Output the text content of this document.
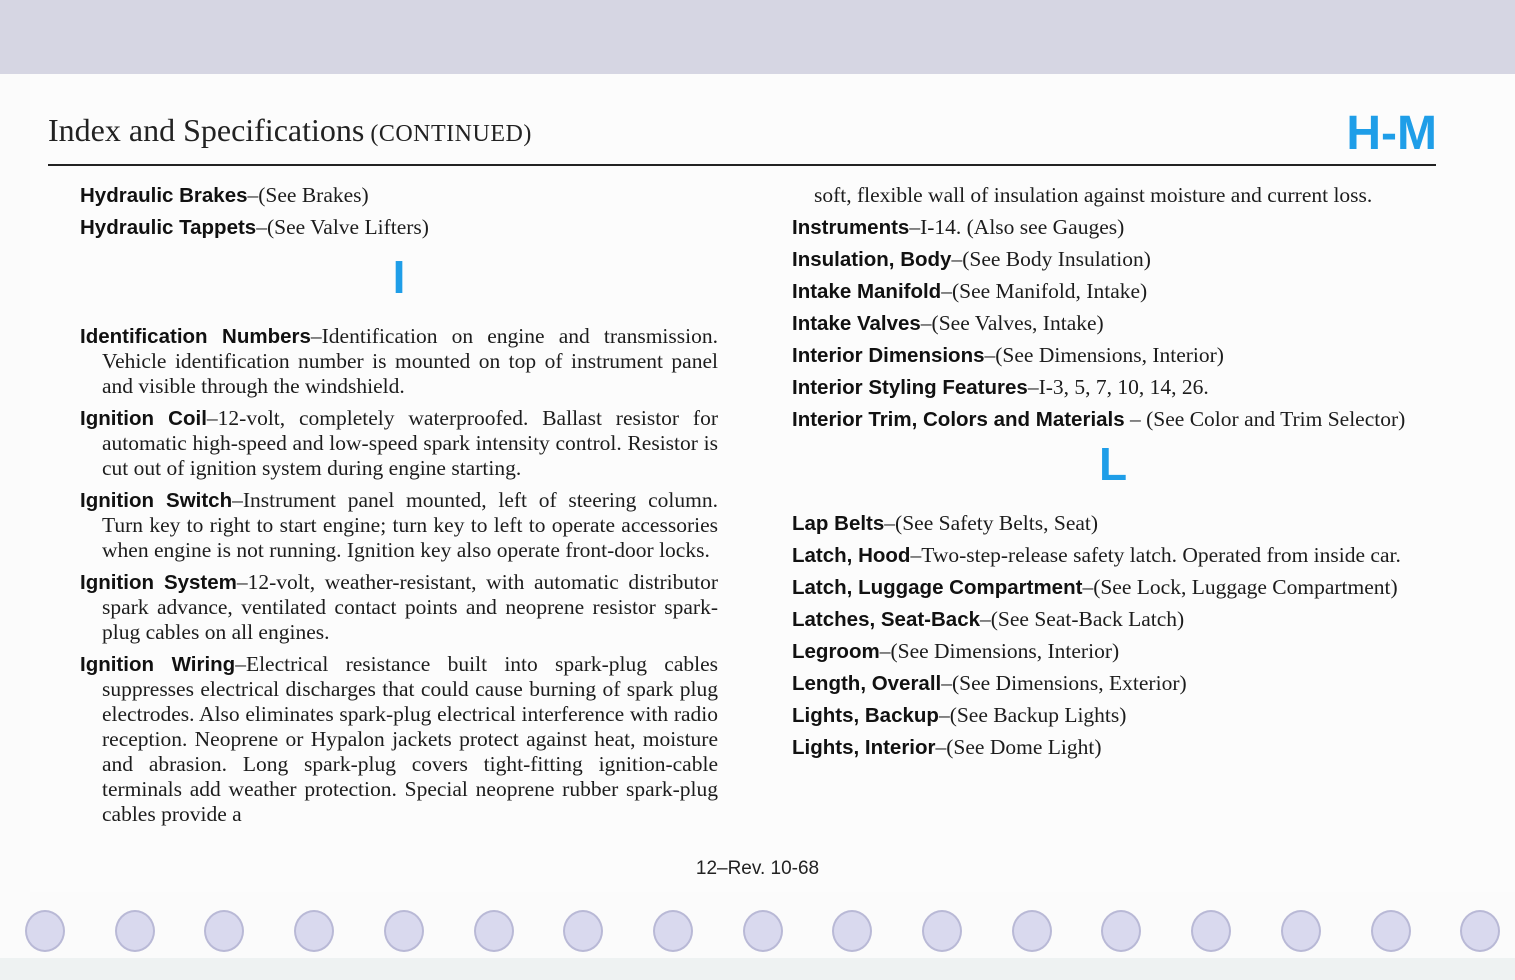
Index and Specifications (CONTINUED)	H-M
Hydraulic Brakes–(See Brakes)
Hydraulic Tappets–(See Valve Lifters)
I
Identification Numbers–Identification on engine and transmission. Vehicle identification number is mounted on top of instrument panel and visible through the windshield.
Ignition Coil–12-volt, completely waterproofed. Ballast resistor for automatic high-speed and low-speed spark intensity control. Resistor is cut out of ignition system during engine starting.
Ignition Switch–Instrument panel mounted, left of steering column. Turn key to right to start engine; turn key to left to operate accessories when engine is not running. Ignition key also operate front-door locks.
Ignition System–12-volt, weather-resistant, with automatic distributor spark advance, ventilated contact points and neoprene resistor spark-plug cables on all engines.
Ignition Wiring–Electrical resistance built into spark-plug cables suppresses electrical discharges that could cause burning of spark plug electrodes. Also eliminates spark-plug electrical interference with radio reception. Neoprene or Hypalon jackets protect against heat, moisture and abrasion. Long spark-plug covers tight-fitting ignition-cable terminals add weather protection. Special neoprene rubber spark-plug cables provide a
soft, flexible wall of insulation against moisture and current loss.
Instruments–I-14. (Also see Gauges)
Insulation, Body–(See Body Insulation)
Intake Manifold–(See Manifold, Intake)
Intake Valves–(See Valves, Intake)
Interior Dimensions–(See Dimensions, Interior)
Interior Styling Features–I-3, 5, 7, 10, 14, 26.
Interior Trim, Colors and Materials – (See Color and Trim Selector)
L
Lap Belts–(See Safety Belts, Seat)
Latch, Hood–Two-step-release safety latch. Operated from inside car.
Latch, Luggage Compartment–(See Lock, Luggage Compartment)
Latches, Seat-Back–(See Seat-Back Latch)
Legroom–(See Dimensions, Interior)
Length, Overall–(See Dimensions, Exterior)
Lights, Backup–(See Backup Lights)
Lights, Interior–(See Dome Light)
12–Rev. 10-68
